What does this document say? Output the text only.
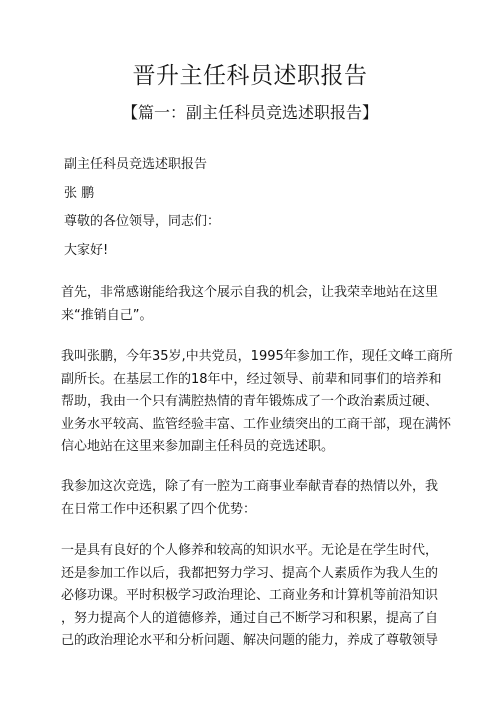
晋升主任科员述职报告
【篇一：副主任科员竞选述职报告】
副主任科员竞选述职报告
张 鹏
尊敬的各位领导，同志们：
大家好!
首先，非常感谢能给我这个展示自我的机会，让我荣幸地站在这里
来“推销自己”。
我叫张鹏，今年35岁,中共党员，1995年参加工作，现任文峰工商所
副所长。在基层工作的18年中，经过领导、前辈和同事们的培养和
帮助，我由一个只有满腔热情的青年锻炼成了一个政治素质过硬、
业务水平较高、监管经验丰富、工作业绩突出的工商干部，现在满怀
信心地站在这里来参加副主任科员的竞选述职。
我参加这次竞选，除了有一腔为工商事业奉献青春的热情以外，我
在日常工作中还积累了四个优势：
一是具有良好的个人修养和较高的知识水平。无论是在学生时代，
还是参加工作以后，我都把努力学习、提高个人素质作为我人生的
必修功课。平时积极学习政治理论、工商业务和计算机等前沿知识
，努力提高个人的道德修养，通过自己不断学习和积累，提高了自
己的政治理论水平和分析问题、解决问题的能力，养成了尊敬领导
